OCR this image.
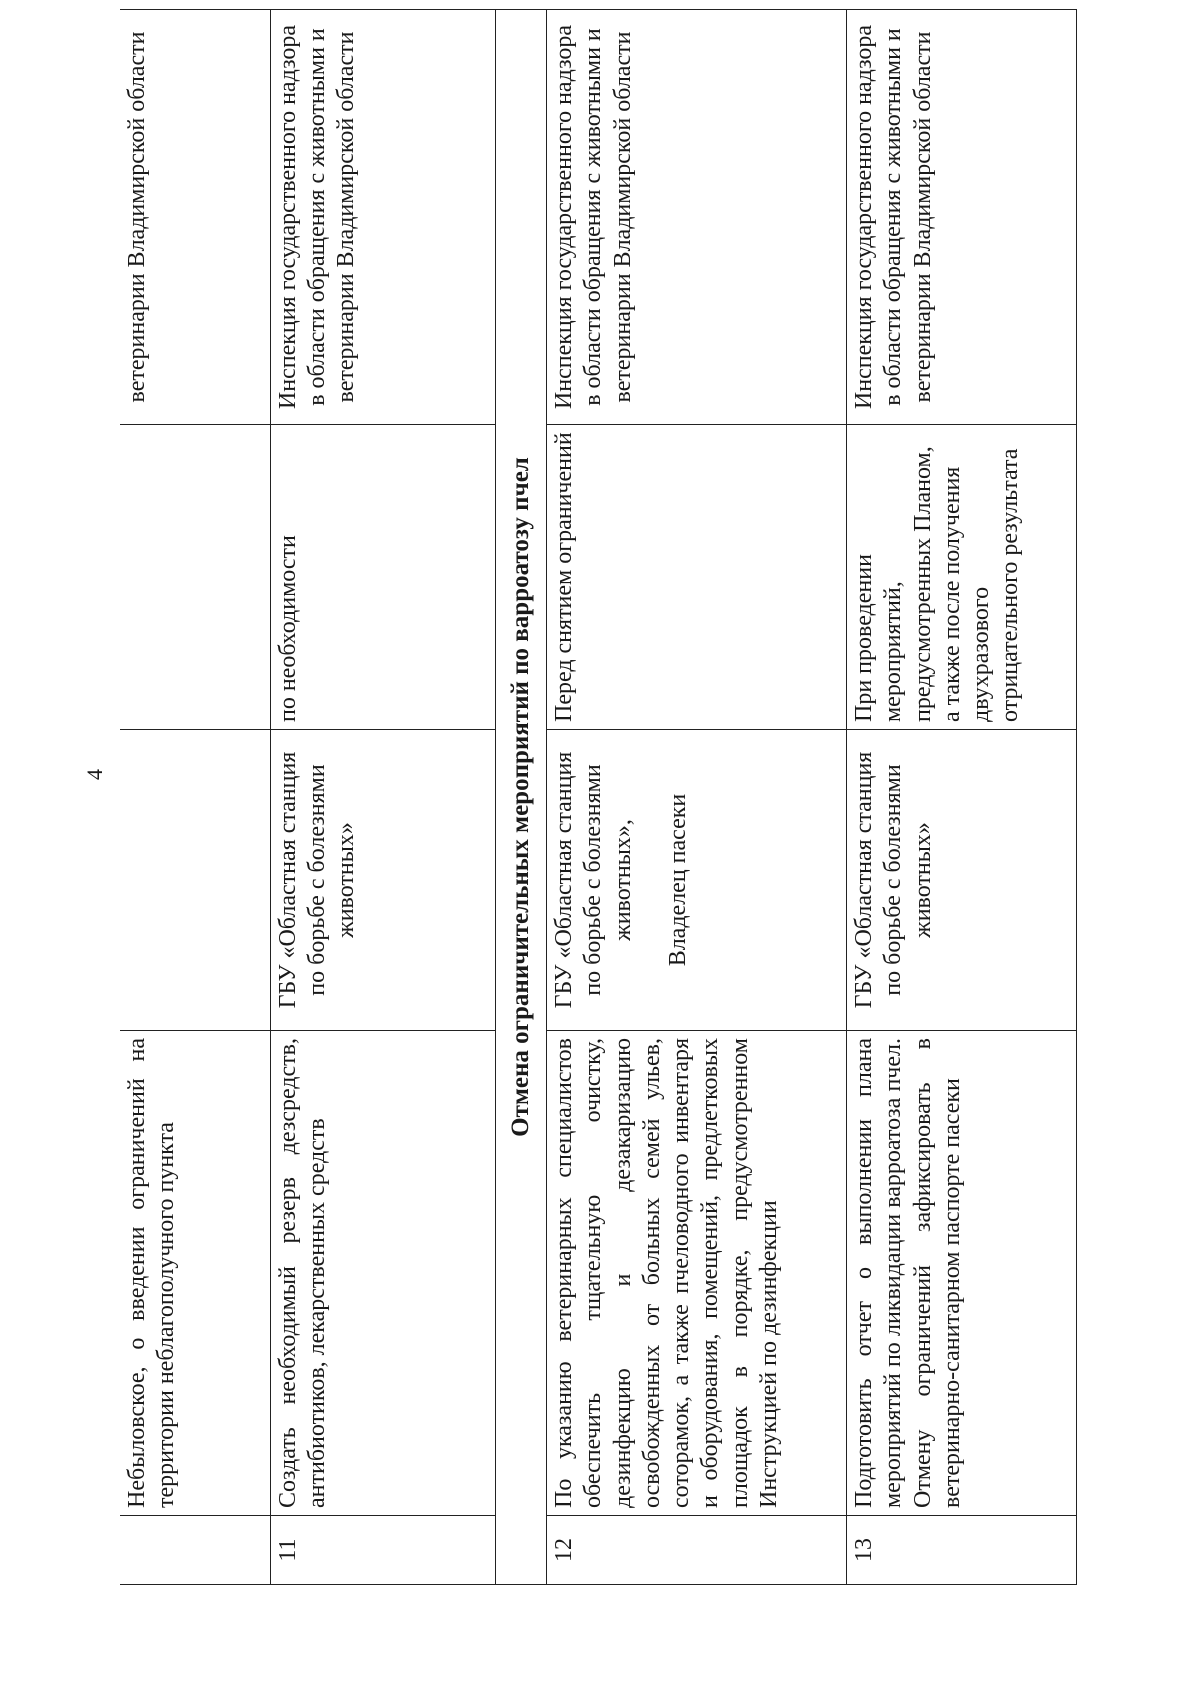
4
	Небыловское, о введении ограничений на территории неблагополучного пункта			ветеринарии Владимирской области
11	Создать необходимый резерв дезсредств, антибиотиков, лекарственных средств	ГБУ «Областная станция по борьбе с болезнями животных»	по необходимости	Инспекция государственного надзора в области обращения с животными и ветеринарии Владимирской области
Отмена ограничительных мероприятий по варроатозу пчел				
12	По указанию ветеринарных специалистов обеспечить тщательную очистку, дезинфекцию и дезакаризацию освобожденных от больных семей ульев, сотоpамок, а также пчеловодного инвентаря и оборудования, помещений, предлетковых площадок в порядке, предусмотренном Инструкцией по дезинфекции	ГБУ «Областная станция по борьбе с болезнями животных», Владелец пасеки	Перед снятием ограничений	Инспекция государственного надзора в области обращения с животными и ветеринарии Владимирской области
13	Подготовить отчет о выполнении плана мероприятий по ликвидации варроатоза пчел. Отмену ограничений зафиксировать в ветеринарно-санитарном паспорте пасеки	ГБУ «Областная станция по борьбе с болезнями животных»	При проведении мероприятий, предусмотренных Планом, а также после получения двухразового отрицательного результата	Инспекция государственного надзора в области обращения с животными и ветеринарии Владимирской области
